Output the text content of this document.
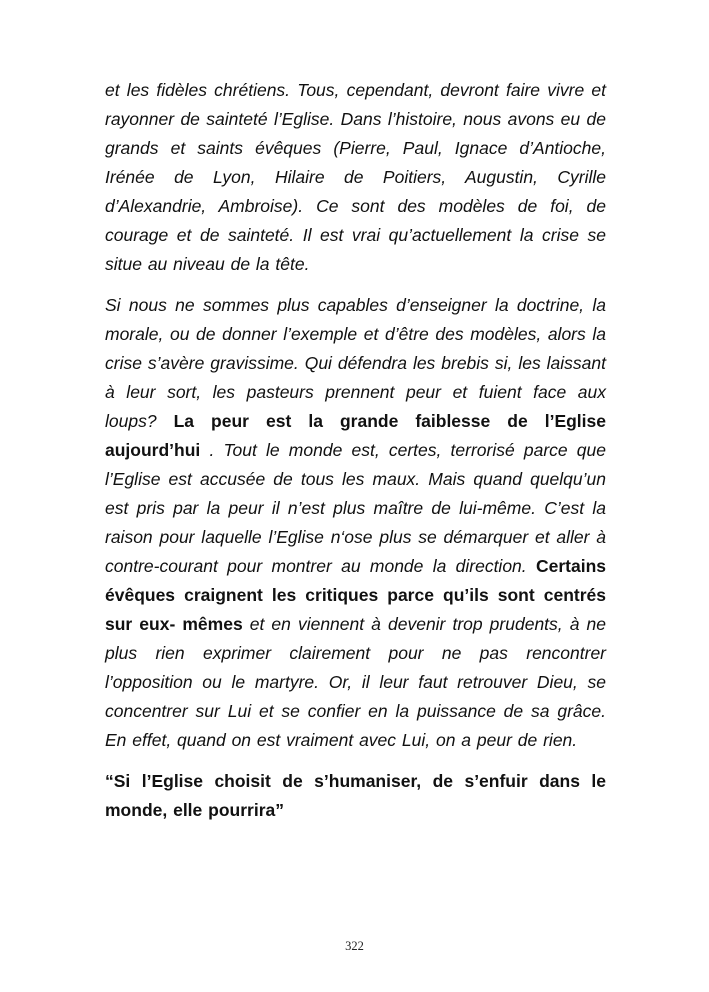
et les fidèles chrétiens. Tous, cependant, devront faire vivre et rayonner de sainteté l’Eglise. Dans l’histoire, nous avons eu de grands et saints évêques (Pierre, Paul, Ignace d’Antioche, Irénée de Lyon, Hilaire de Poitiers, Augustin, Cyrille d’Alexandrie, Ambroise). Ce sont des modèles de foi, de courage et de sainteté. Il est vrai qu’actuellement la crise se situe au niveau de la tête.

Si nous ne sommes plus capables d’enseigner la doctrine, la morale, ou de donner l’exemple et d’être des modèles, alors la crise s’avère gravissime. Qui défendra les brebis si, les laissant à leur sort, les pasteurs prennent peur et fuient face aux loups? La peur est la grande faiblesse de l’Eglise aujourd’hui . Tout le monde est, certes, terrorisé parce que l’Eglise est accusée de tous les maux. Mais quand quelqu’un est pris par la peur il n’est plus maître de lui-même. C’est la raison pour laquelle l’Eglise n‘ose plus se démarquer et aller à contre-courant pour montrer au monde la direction. Certains évêques craignent les critiques parce qu’ils sont centrés sur eux- mêmes et en viennent à devenir trop prudents, à ne plus rien exprimer clairement pour ne pas rencontrer l’opposition ou le martyre. Or, il leur faut retrouver Dieu, se concentrer sur Lui et se confier en la puissance de sa grâce. En effet, quand on est vraiment avec Lui, on a peur de rien.

“Si l’Eglise choisit de s’humaniser, de s’enfuir dans le monde, elle pourrira”

322
